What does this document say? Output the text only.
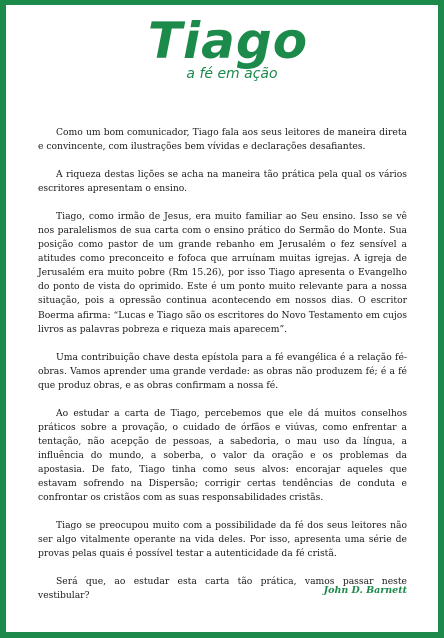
Tiago
a fé em ação

Como um bom comunicador, Tiago fala aos seus leitores de maneira direta e convincente, com ilustrações bem vívidas e declarações desafiantes.

A riqueza destas lições se acha na maneira tão prática pela qual os vários escritores apresentam o ensino.

Tiago, como irmão de Jesus, era muito familiar ao Seu ensino. Isso se vê nos paralelismos de sua carta com o ensino prático do Sermão do Monte. Sua posição como pastor de um grande rebanho em Jerusalém o fez sensível a atitudes como preconceito e fofoca que arruínam muitas igrejas. A igreja de Jerusalém era muito pobre (Rm 15.26), por isso Tiago apresenta o Evangelho do ponto de vista do oprimido. Este é um ponto muito relevante para a nossa situação, pois a opressão continua acontecendo em nossos dias. O escritor Boerma afirma: “Lucas e Tiago são os escritores do Novo Testamento em cujos livros as palavras pobreza e riqueza mais aparecem”.

Uma contribuição chave desta epístola para a fé evangélica é a relação fé-obras. Vamos aprender uma grande verdade: as obras não produzem fé; é a fé que produz obras, e as obras confirmam a nossa fé.

Ao estudar a carta de Tiago, percebemos que ele dá muitos conselhos práticos sobre a provação, o cuidado de órfãos e viúvas, como enfrentar a tentação, não acepção de pessoas, a sabedoria, o mau uso da língua, a influência do mundo, a soberba, o valor da oração e os problemas da apostasia. De fato, Tiago tinha como seus alvos: encorajar aqueles que estavam sofrendo na Dispersão; corrigir certas tendências de conduta e confrontar os cristãos com as suas responsabilidades cristãs.

Tiago se preocupou muito com a possibilidade da fé dos seus leitores não ser algo vitalmente operante na vida deles. Por isso, apresenta uma série de provas pelas quais é possível testar a autenticidade da fé cristã.

Será que, ao estudar esta carta tão prática, vamos passar neste vestibular?	John D. Barnett
